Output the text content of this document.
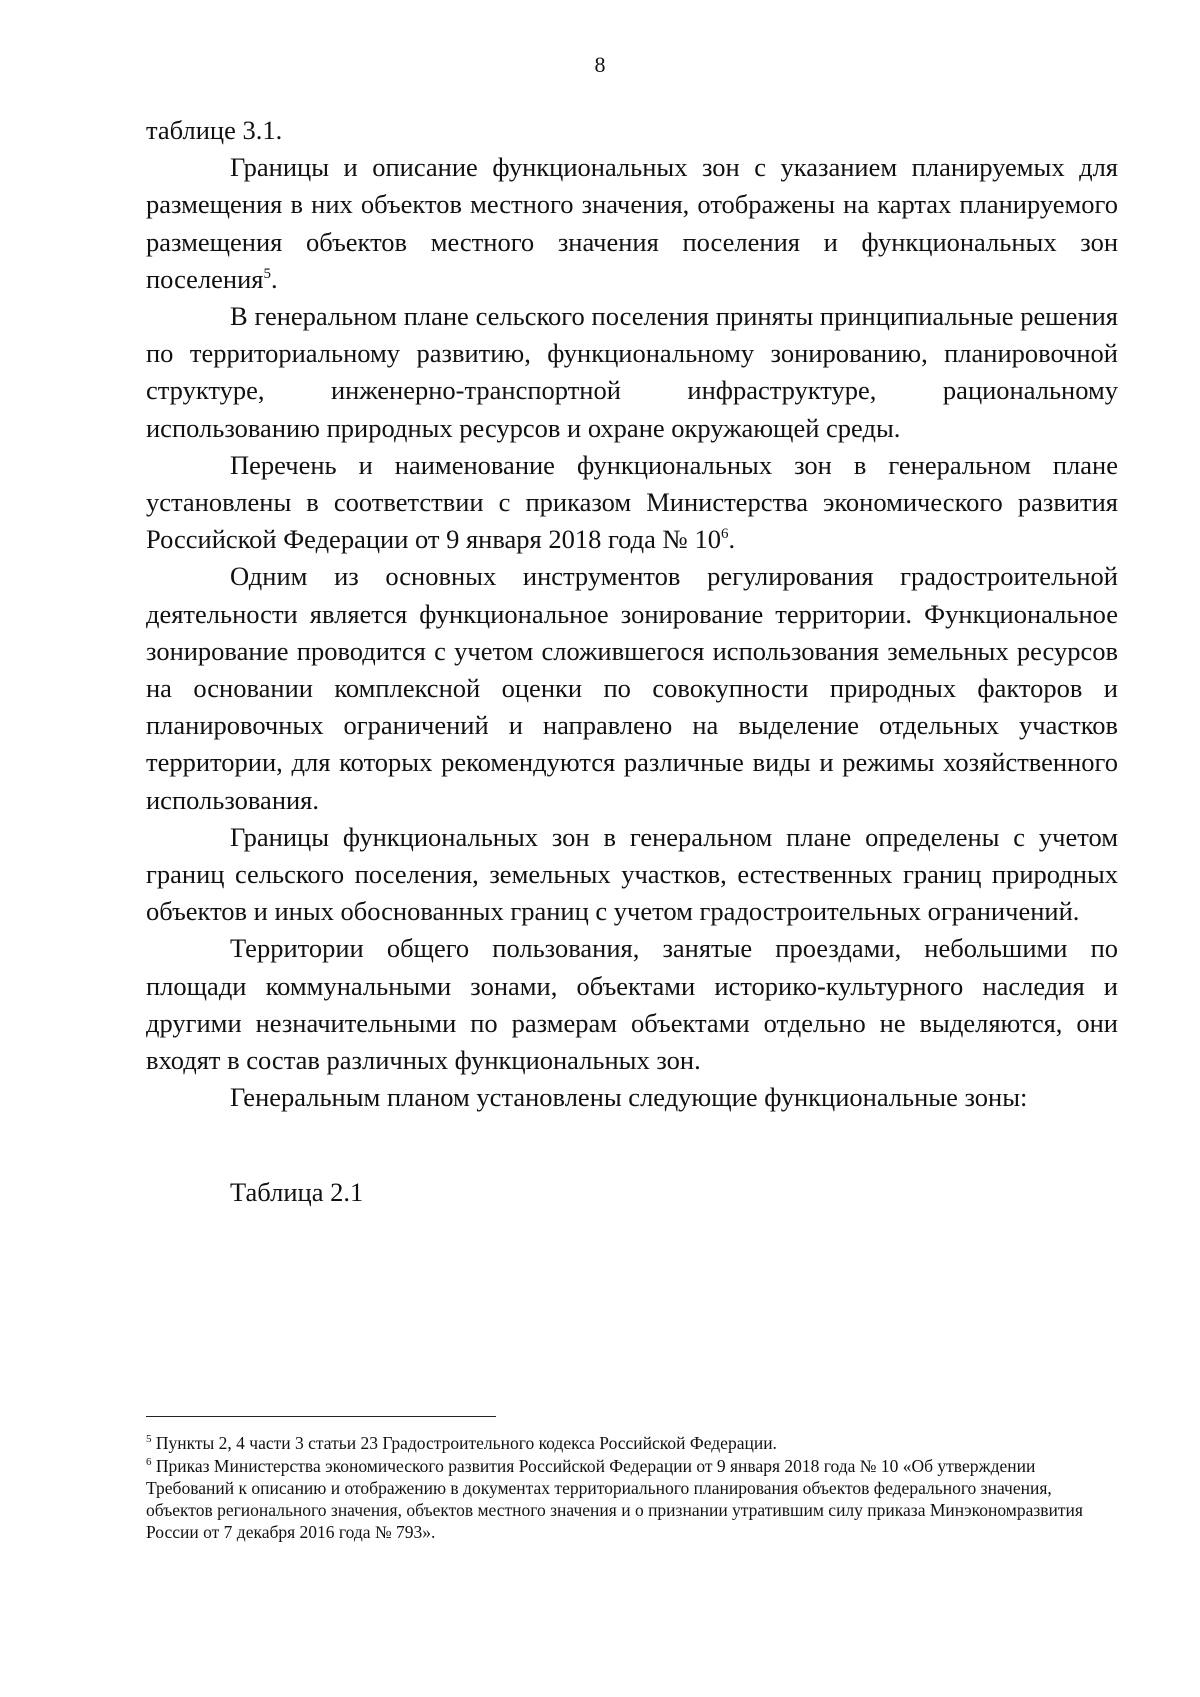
8

таблице 3.1.

Границы и описание функциональных зон с указанием планируемых для размещения в них объектов местного значения, отображены на картах планируемого размещения объектов местного значения поселения и функциональных зон поселения$^5$.

В генеральном плане сельского поселения приняты принципиальные решения по территориальному развитию, функциональному зонированию, планировочной структуре, инженерно-транспортной инфраструктуре, рациональному использованию природных ресурсов и охране окружающей среды.

Перечень и наименование функциональных зон в генеральном плане установлены в соответствии с приказом Министерства экономического развития Российской Федерации от 9 января 2018 года № $10^6$.

Одним из основных инструментов регулирования градостроительной деятельности является функциональное зонирование территории. Функциональное зонирование проводится с учетом сложившегося использования земельных ресурсов на основании комплексной оценки по совокупности природных факторов и планировочных ограничений и направлено на выделение отдельных участков территории, для которых рекомендуются различные виды и режимы хозяйственного использования.

Границы функциональных зон в генеральном плане определены с учетом границ сельского поселения, земельных участков, естественных границ природных объектов и иных обоснованных границ с учетом градостроительных ограничений.

Территории общего пользования, занятые проездами, небольшими по площади коммунальными зонами, объектами историко-культурного наследия и другими незначительными по размерам объектами отдельно не выделяются, они входят в состав различных функциональных зон.

Генеральным планом установлены следующие функциональные зоны:

Таблица 2.1

$^5$ Пункты 2, 4 части 3 статьи 23 Градостроительного кодекса Российской Федерации.

$^6$ Приказ Министерства экономического развития Российской Федерации от 9 января 2018 года № 10 «Об утверждении Требований к описанию и отображению в документах территориального планирования объектов федерального значения, объектов регионального значения, объектов местного значения и о признании утратившим силу приказа Минэкономразвития России от 7 декабря 2016 года № 793».
